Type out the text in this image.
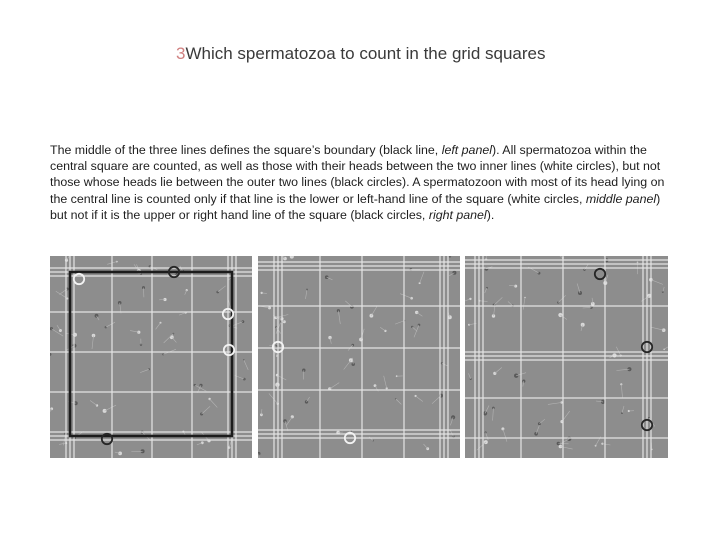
3Which spermatozoa to count in the grid squares
The middle of the three lines defines the square’s boundary (black line, left panel). All spermatozoa within the central square are counted, as well as those with their heads between the two inner lines (white circles), but not those whose heads lie between the outer two lines (black circles). A spermatozoon with most of its head lying on the central line is counted only if that line is the lower or left-hand line of the square (white circles, middle panel) but not if it is the upper or right hand line of the square (black circles, right panel).
